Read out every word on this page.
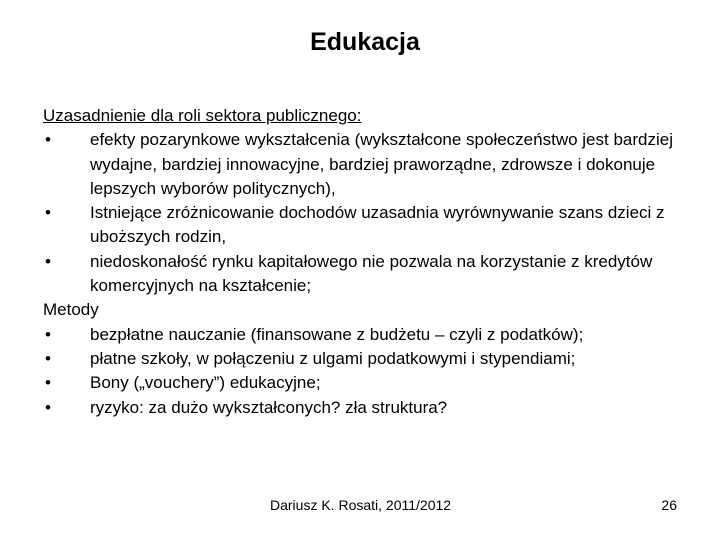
Edukacja
Uzasadnienie dla roli sektora publicznego:
• efekty pozarynkowe wykształcenia (wykształcone społeczeństwo jest bardziej wydajne, bardziej innowacyjne, bardziej praworządne, zdrowsze i dokonuje lepszych wyborów politycznych),
• Istniejące zróżnicowanie dochodów uzasadnia wyrównywanie szans dzieci z uboższych rodzin,
• niedoskonałość rynku kapitałowego nie pozwala na korzystanie z kredytów komercyjnych na kształcenie;
Metody
• bezpłatne nauczanie (finansowane z budżetu – czyli z podatków);
• płatne szkoły, w połączeniu z ulgami podatkowymi i stypendiami;
• Bony („vouchery”) edukacyjne;
• ryzyko: za dużo wykształconych? zła struktura?
Dariusz K. Rosati, 2011/2012	26
